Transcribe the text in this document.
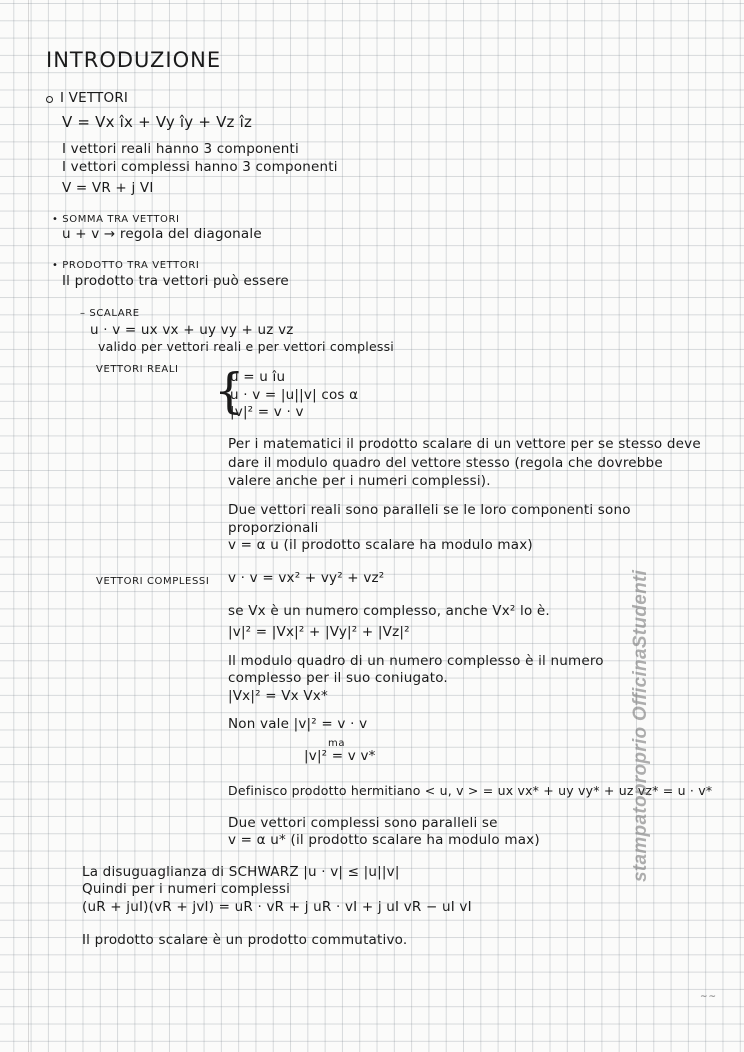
INTRODUZIONE
I VETTORI
V = Vx îx + Vy îy + Vz îz
I vettori reali hanno 3 componenti
I vettori complessi hanno 3 componenti
V = VR + j VI
• SOMMA TRA VETTORI
u + v → regola del diagonale
• PRODOTTO TRA VETTORI
Il prodotto tra vettori può essere
– SCALARE
u · v = ux vx + uy vy + uz vz
valido per vettori reali e per vettori complessi
VETTORI REALI {
u = u îu
u · v = |u||v| cos α
|v|² = v · v
Per i matematici il prodotto scalare di un vettore per se stesso deve
dare il modulo quadro del vettore stesso (regola che dovrebbe
valere anche per i numeri complessi).
Due vettori reali sono paralleli se le loro componenti sono
proporzionali
v = α u (il prodotto scalare ha modulo max)
VETTORI COMPLESSI v · v = vx² + vy² + vz²
se Vx è un numero complesso, anche Vx² lo è.
|v|² = |Vx|² + |Vy|² + |Vz|²
Il modulo quadro di un numero complesso è il numero
complesso per il suo coniugato.
|Vx|² = Vx Vx*
Non vale |v|² = v · v
ma
|v|² = v v*
Definisco prodotto hermitiano < u, v > = ux vx* + uy vy* + uz vz* = u · v*
Due vettori complessi sono paralleli se
v = α u* (il prodotto scalare ha modulo max)
La disuguaglianza di SCHWARZ |u · v| ≤ |u||v|
Quindi per i numeri complessi
(uR + juI)(vR + jvI) = uR · vR + j uR · vI + j uI vR − uI vI
Il prodotto scalare è un prodotto commutativo.
stampatoproprio OfficinaStudenti
~~
